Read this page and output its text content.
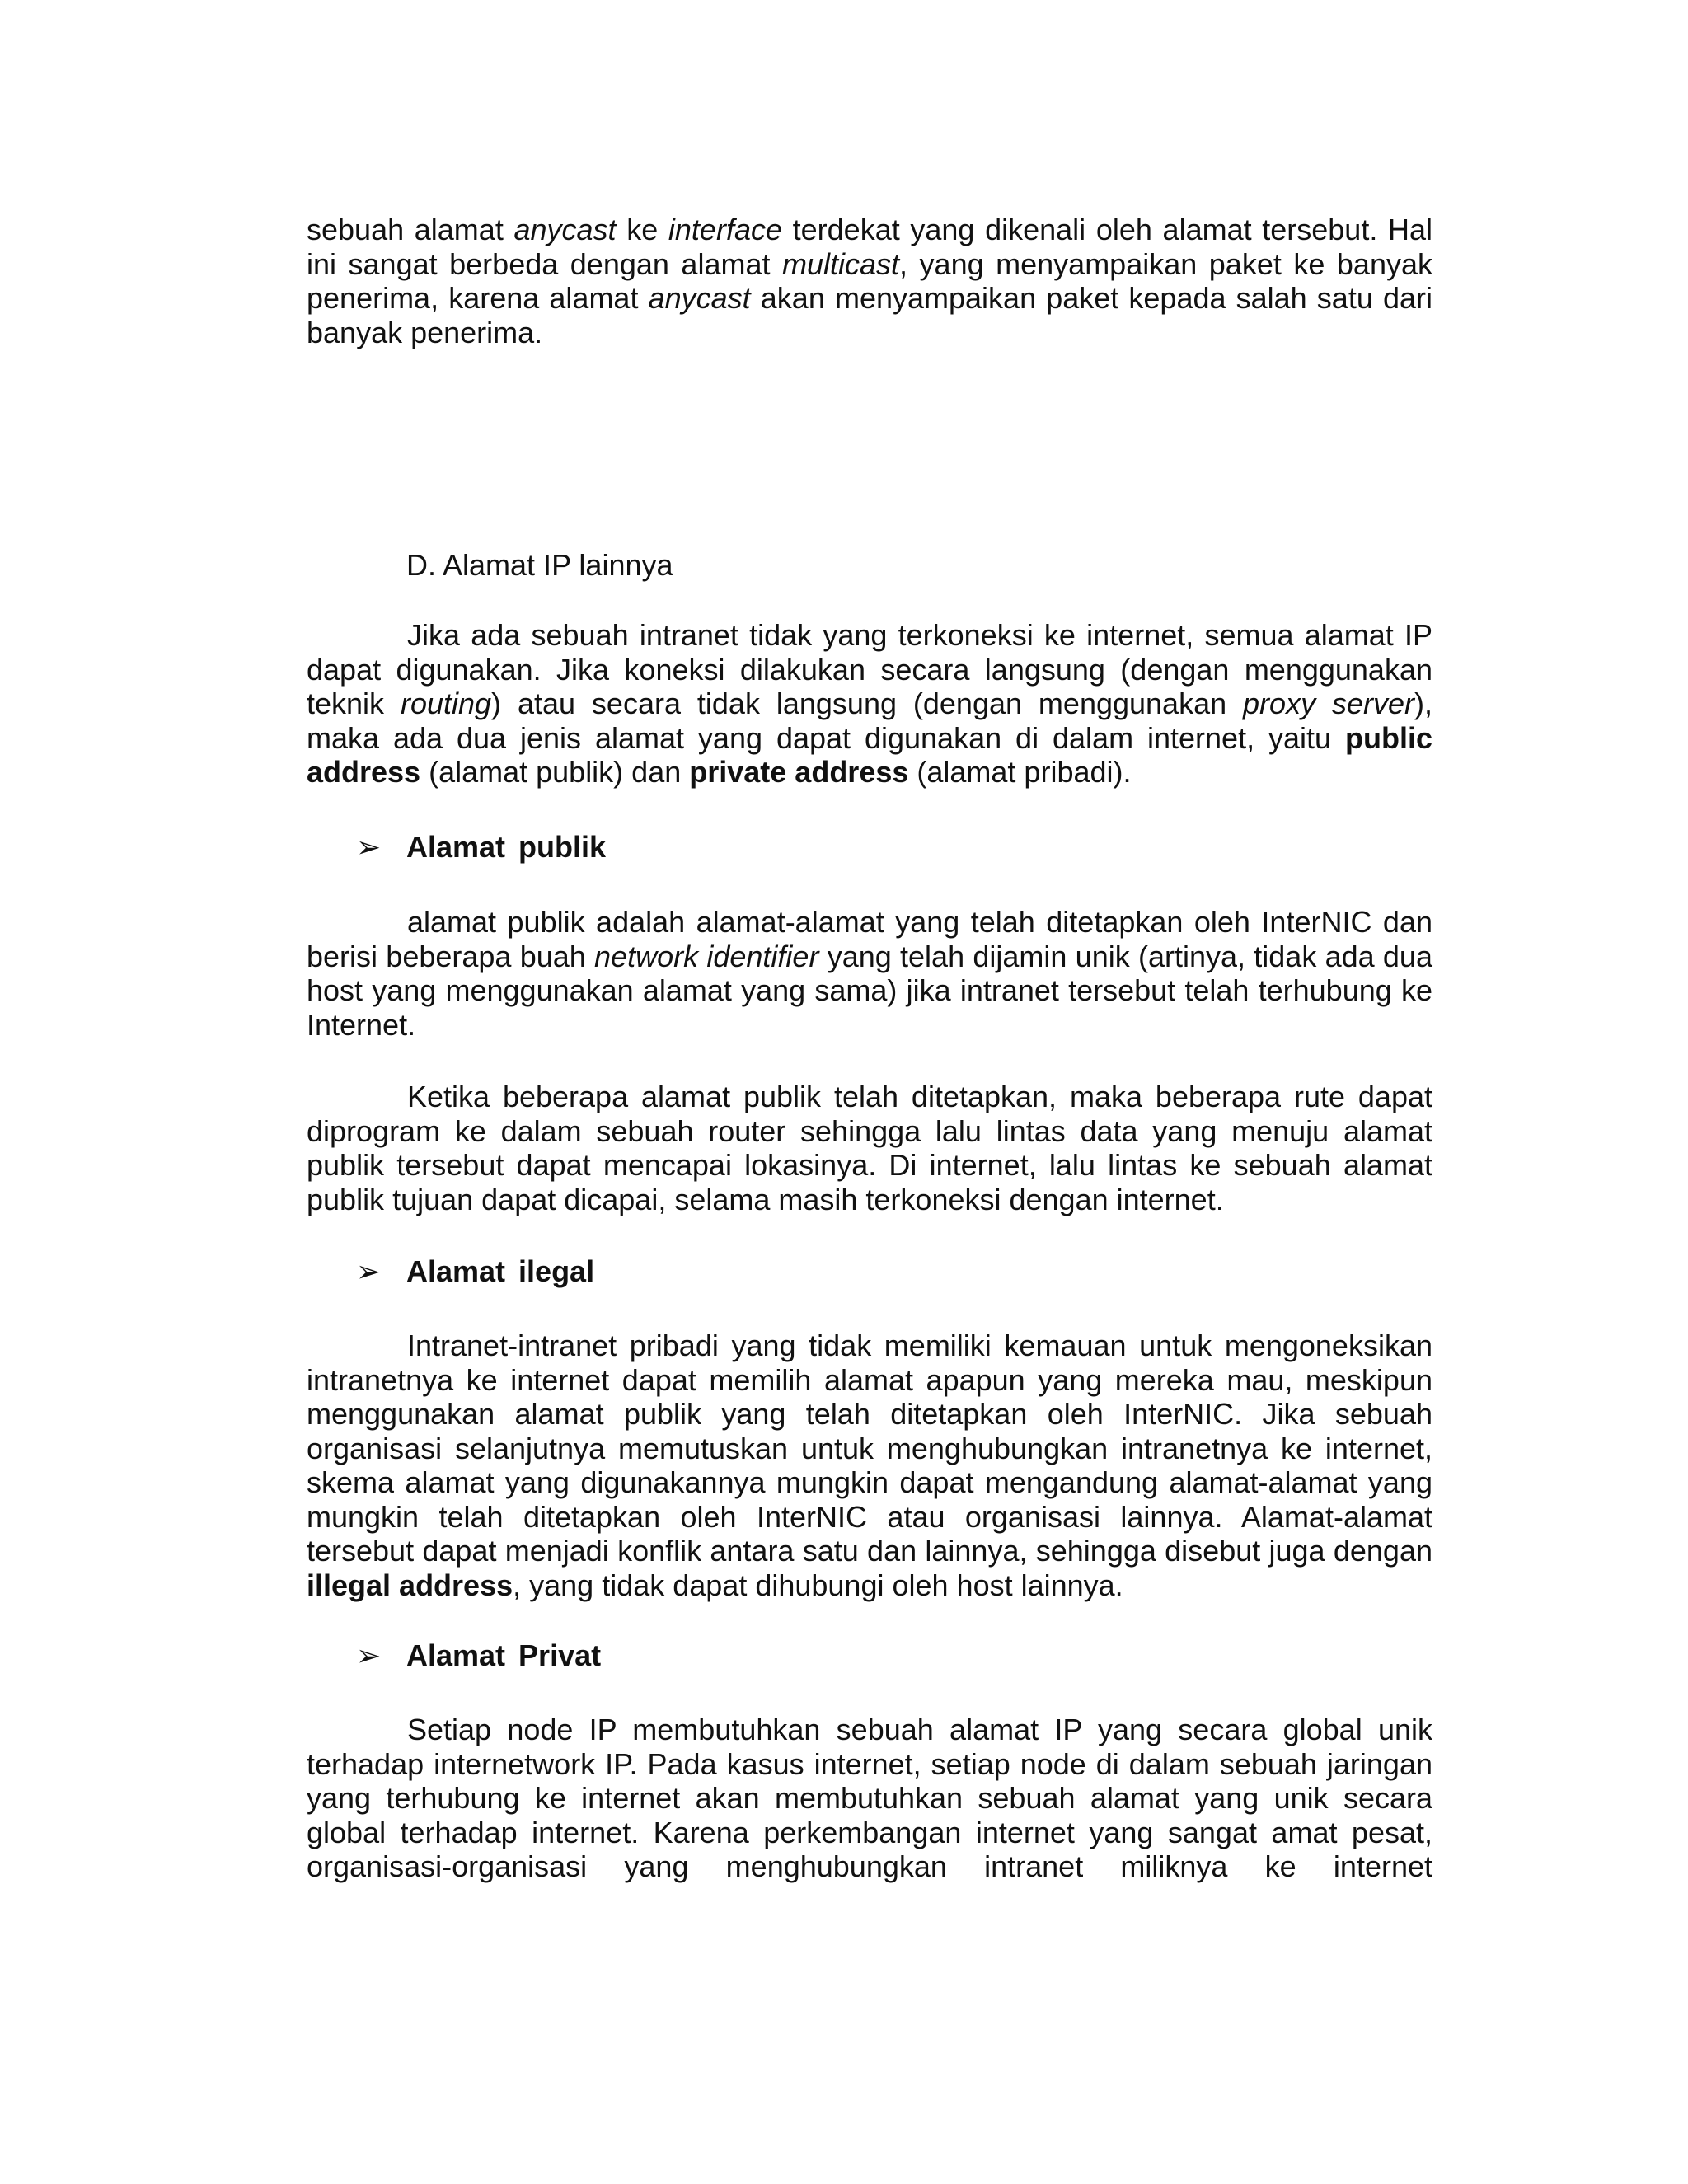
sebuah alamat anycast ke interface terdekat yang dikenali oleh alamat tersebut. Hal ini sangat berbeda dengan alamat multicast, yang menyampaikan paket ke banyak penerima, karena alamat anycast akan menyampaikan paket kepada salah satu dari banyak penerima.

D. Alamat IP lainnya

Jika ada sebuah intranet tidak yang terkoneksi ke internet, semua alamat IP dapat digunakan. Jika koneksi dilakukan secara langsung (dengan menggunakan teknik routing) atau secara tidak langsung (dengan menggunakan proxy server), maka ada dua jenis alamat yang dapat digunakan di dalam internet, yaitu public address (alamat publik) dan private address (alamat pribadi).

➢ Alamat publik

alamat publik adalah alamat-alamat yang telah ditetapkan oleh InterNIC dan berisi beberapa buah network identifier yang telah dijamin unik (artinya, tidak ada dua host yang menggunakan alamat yang sama) jika intranet tersebut telah terhubung ke Internet.

Ketika beberapa alamat publik telah ditetapkan, maka beberapa rute dapat diprogram ke dalam sebuah router sehingga lalu lintas data yang menuju alamat publik tersebut dapat mencapai lokasinya. Di internet, lalu lintas ke sebuah alamat publik tujuan dapat dicapai, selama masih terkoneksi dengan internet.

➢ Alamat ilegal

Intranet-intranet pribadi yang tidak memiliki kemauan untuk mengoneksikan intranetnya ke internet dapat memilih alamat apapun yang mereka mau, meskipun menggunakan alamat publik yang telah ditetapkan oleh InterNIC. Jika sebuah organisasi selanjutnya memutuskan untuk menghubungkan intranetnya ke internet, skema alamat yang digunakannya mungkin dapat mengandung alamat-alamat yang mungkin telah ditetapkan oleh InterNIC atau organisasi lainnya. Alamat-alamat tersebut dapat menjadi konflik antara satu dan lainnya, sehingga disebut juga dengan illegal address, yang tidak dapat dihubungi oleh host lainnya.

➢ Alamat Privat

Setiap node IP membutuhkan sebuah alamat IP yang secara global unik terhadap internetwork IP. Pada kasus internet, setiap node di dalam sebuah jaringan yang terhubung ke internet akan membutuhkan sebuah alamat yang unik secara global terhadap internet. Karena perkembangan internet yang sangat amat pesat, organisasi-organisasi yang menghubungkan intranet miliknya ke internet
